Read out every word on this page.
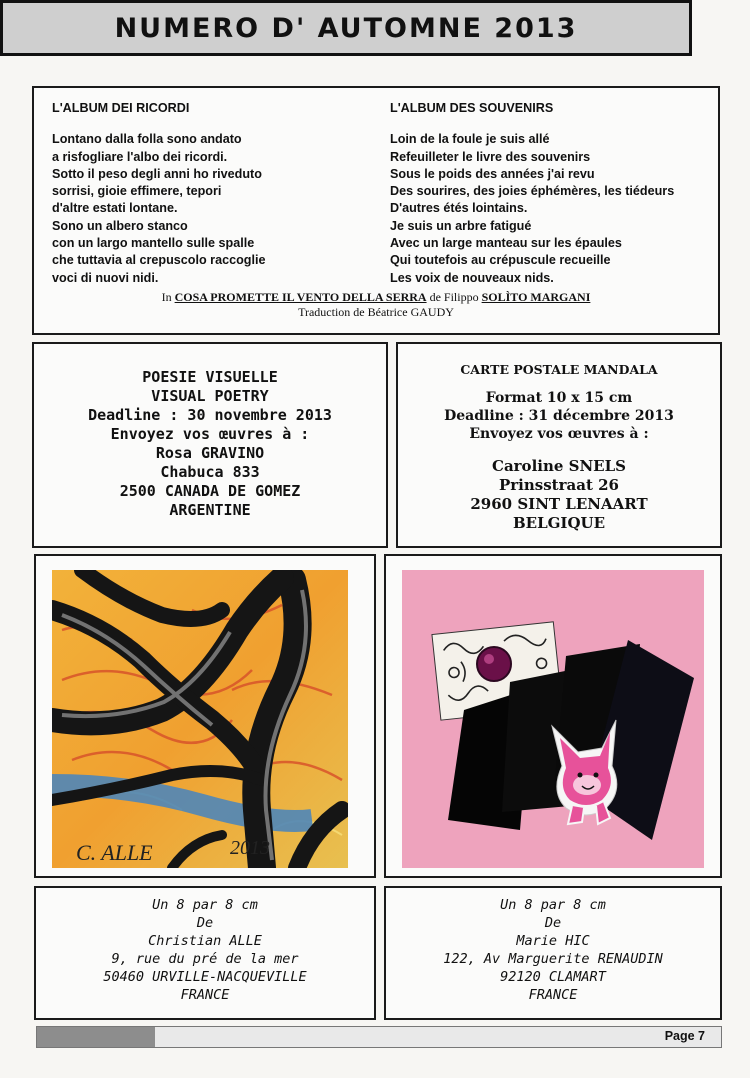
NUMERO D' AUTOMNE 2013
L'ALBUM DEI RICORDI
Lontano dalla folla sono andato
a risfogliare l'albo dei ricordi.
Sotto il peso degli anni ho riveduto
sorrisi, gioie effimere, tepori
d'altre estati lontane.
Sono un albero stanco
con un largo mantello sulle spalle
che tuttavia al crepuscolo raccoglie
voci di nuovi nidi.
L'ALBUM DES SOUVENIRS
Loin de la foule je suis allé
Refeuilleter le livre des souvenirs
Sous le poids des années j'ai revu
Des sourires, des joies éphémères, les tiédeurs
D'autres étés lointains.
Je suis un arbre fatigué
Avec un large manteau sur les épaules
Qui toutefois au crépuscule recueille
Les voix de nouveaux nids.
In COSA PROMETTE IL VENTO DELLA SERRA de Filippo SOLÌTO MARGANI
Traduction de Béatrice GAUDY
POESIE VISUELLE
VISUAL POETRY
Deadline : 30 novembre 2013
Envoyez vos œuvres à :
Rosa GRAVINO
Chabuca 833
2500 CANADA DE GOMEZ
ARGENTINE
CARTE POSTALE MANDALA
Format 10 x 15 cm
Deadline : 31 décembre 2013
Envoyez vos œuvres à :
Caroline SNELS
Prinsstraat 26
2960 SINT LENAART
BELGIQUE
C. ALLE	2013
Un 8 par 8 cm
De
Christian ALLE
9, rue du pré de la mer
50460 URVILLE-NACQUEVILLE
FRANCE
Un 8 par 8 cm
De
Marie HIC
122, Av Marguerite RENAUDIN
92120 CLAMART
FRANCE
Page 7
